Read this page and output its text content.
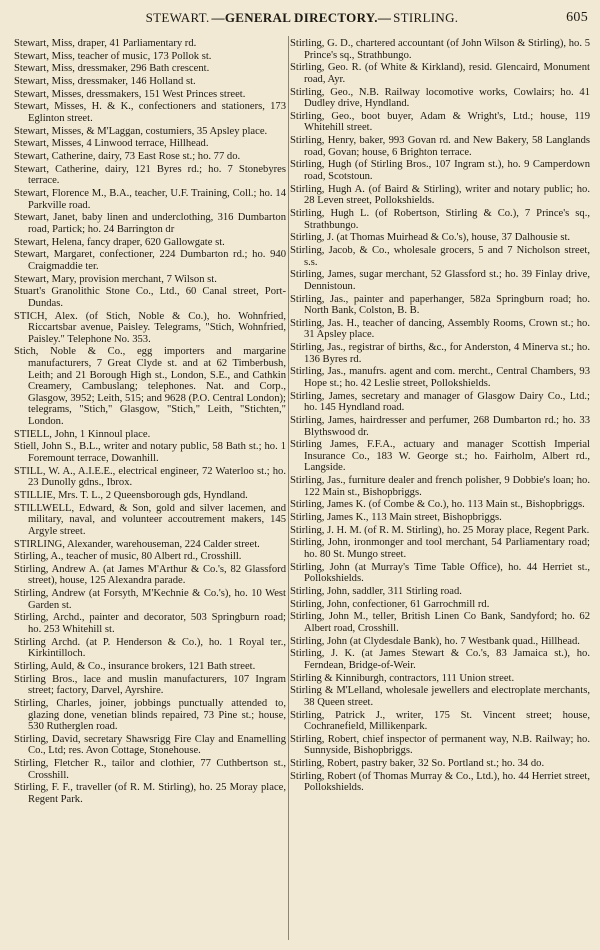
STEWART. —GENERAL DIRECTORY.— STIRLING.	605
Stewart, Miss, draper, 41 Parliamentary rd.
Stewart, Miss, teacher of music, 173 Pollok st.
Stewart, Miss, dressmaker, 296 Bath crescent.
Stewart, Miss, dressmaker, 146 Holland st.
Stewart, Misses, dressmakers, 151 West Princes street.
Stewart, Misses, H. & K., confectioners and stationers, 173 Eglinton street.
Stewart, Misses, & M'Laggan, costumiers, 35 Apsley place.
Stewart, Misses, 4 Linwood terrace, Hillhead.
Stewart, Catherine, dairy, 73 East Rose st.; ho. 77 do.
Stewart, Catherine, dairy, 121 Byres rd.; ho. 7 Stonebyres terrace.
Stewart, Florence M., B.A., teacher, U.F. Training, Coll.; ho. 14 Parkville road.
Stewart, Janet, baby linen and underclothing, 316 Dumbarton road, Partick; ho. 24 Barrington dr
Stewart, Helena, fancy draper, 620 Gallowgate st.
Stewart, Margaret, confectioner, 224 Dumbarton rd.; ho. 940 Craigmaddie ter.
Stewart, Mary, provision merchant, 7 Wilson st.
Stuart's Granolithic Stone Co., Ltd., 60 Canal street, Port-Dundas.
STICH, Alex. (of Stich, Noble & Co.), ho. Wohnfried, Riccartsbar avenue, Paisley. Telegrams, "Stich, Wohnfried, Paisley." Telephone No. 353.
Stich, Noble & Co., egg importers and margarine manufacturers, 7 Great Clyde st. and at 62 Timberbush, Leith; and 21 Borough High st., London, S.E., and Cathkin Creamery, Cambuslang; telephones. Nat. and Corp., Glasgow, 3952; Leith, 515; and 9628 (P.O. Central London); telegrams, "Stich," Glasgow, "Stich," Leith, "Stichten," London.
STIELL, John, 1 Kinnoul place.
Stiell, John S., B.L., writer and notary public, 58 Bath st.; ho. 1 Foremount terrace, Dowanhill.
STILL, W. A., A.I.E.E., electrical engineer, 72 Waterloo st.; ho. 23 Dunolly gdns., Ibrox.
STILLIE, Mrs. T. L., 2 Queensborough gds, Hyndland.
STILLWELL, Edward, & Son, gold and silver lacemen, and military, naval, and volunteer accoutrement makers, 145 Argyle street.
STIRLING, Alexander, warehouseman, 224 Calder street.
Stirling, A., teacher of music, 80 Albert rd., Crosshill.
Stirling, Andrew A. (at James M'Arthur & Co.'s, 82 Glassford street), house, 125 Alexandra parade.
Stirling, Andrew (at Forsyth, M'Kechnie & Co.'s), ho. 10 West Garden st.
Stirling, Archd., painter and decorator, 503 Springburn road; ho. 253 Whitehill st.
Stirling Archd. (at P. Henderson & Co.), ho. 1 Royal ter., Kirkintilloch.
Stirling, Auld, & Co., insurance brokers, 121 Bath street.
Stirling Bros., lace and muslin manufacturers, 107 Ingram street; factory, Darvel, Ayrshire.
Stirling, Charles, joiner, jobbings punctually attended to, glazing done, venetian blinds repaired, 73 Pine st.; house, 530 Rutherglen road.
Stirling, David, secretary Shawsrigg Fire Clay and Enamelling Co., Ltd; res. Avon Cottage, Stonehouse.
Stirling, Fletcher R., tailor and clothier, 77 Cuthbertson st., Crosshill.
Stirling, F. F., traveller (of R. M. Stirling), ho. 25 Moray place, Regent Park.
Stirling, G. D., chartered accountant (of John Wilson & Stirling), ho. 5 Prince's sq., Strathbungo.
Stirling, Geo. R. (of White & Kirkland), resid. Glencaird, Monument road, Ayr.
Stirling, Geo., N.B. Railway locomotive works, Cowlairs; ho. 41 Dudley drive, Hyndland.
Stirling, Geo., boot buyer, Adam & Wright's, Ltd.; house, 119 Whitehill street.
Stirling, Henry, baker, 993 Govan rd. and New Bakery, 58 Langlands road, Govan; house, 6 Brighton terrace.
Stirling, Hugh (of Stirling Bros., 107 Ingram st.), ho. 9 Camperdown road, Scotstoun.
Stirling, Hugh A. (of Baird & Stirling), writer and notary public; ho. 28 Leven street, Pollokshields.
Stirling, Hugh L. (of Robertson, Stirling & Co.), 7 Prince's sq., Strathbungo.
Stirling, J. (at Thomas Muirhead & Co.'s), house, 37 Dalhousie st.
Stirling, Jacob, & Co., wholesale grocers, 5 and 7 Nicholson street, s.s.
Stirling, James, sugar merchant, 52 Glassford st.; ho. 39 Finlay drive, Dennistoun.
Stirling, Jas., painter and paperhanger, 582a Springburn road; ho. North Bank, Colston, B. B.
Stirling, Jas. H., teacher of dancing, Assembly Rooms, Crown st.; ho. 31 Apsley place.
Stirling, Jas., registrar of births, &c., for Anderston, 4 Minerva st.; ho. 136 Byres rd.
Stirling, Jas., manufrs. agent and com. mercht., Central Chambers, 93 Hope st.; ho. 42 Leslie street, Pollokshields.
Stirling, James, secretary and manager of Glasgow Dairy Co., Ltd.; ho. 145 Hyndland road.
Stirling, James, hairdresser and perfumer, 268 Dumbarton rd.; ho. 33 Blythswood dr.
Stirling James, F.F.A., actuary and manager Scottish Imperial Insurance Co., 183 W. George st.; ho. Fairholm, Albert rd., Langside.
Stirling, Jas., furniture dealer and french polisher, 9 Dobbie's loan; ho. 122 Main st., Bishopbriggs.
Stirling, James K. (of Combe & Co.), ho. 113 Main st., Bishopbriggs.
Stirling, James K., 113 Main street, Bishopbriggs.
Stirling, J. H. M. (of R. M. Stirling), ho. 25 Moray place, Regent Park.
Stirling, John, ironmonger and tool merchant, 54 Parliamentary road; ho. 80 St. Mungo street.
Stirling, John (at Murray's Time Table Office), ho. 44 Herriet st., Pollokshields.
Stirling, John, saddler, 311 Stirling road.
Stirling, John, confectioner, 61 Garrochmill rd.
Stirling, John M., teller, British Linen Co Bank, Sandyford; ho. 62 Albert road, Crosshill.
Stirling, John (at Clydesdale Bank), ho. 7 Westbank quad., Hillhead.
Stirling, J. K. (at James Stewart & Co.'s, 83 Jamaica st.), ho. Ferndean, Bridge-of-Weir.
Stirling & Kinniburgh, contractors, 111 Union street.
Stirling & M'Lelland, wholesale jewellers and electroplate merchants, 38 Queen street.
Stirling, Patrick J., writer, 175 St. Vincent street; house, Cochranefield, Millikenpark.
Stirling, Robert, chief inspector of permanent way, N.B. Railway; ho. Sunnyside, Bishopbriggs.
Stirling, Robert, pastry baker, 32 So. Portland st.; ho. 34 do.
Stirling, Robert (of Thomas Murray & Co., Ltd.), ho. 44 Herriet street, Pollokshields.
